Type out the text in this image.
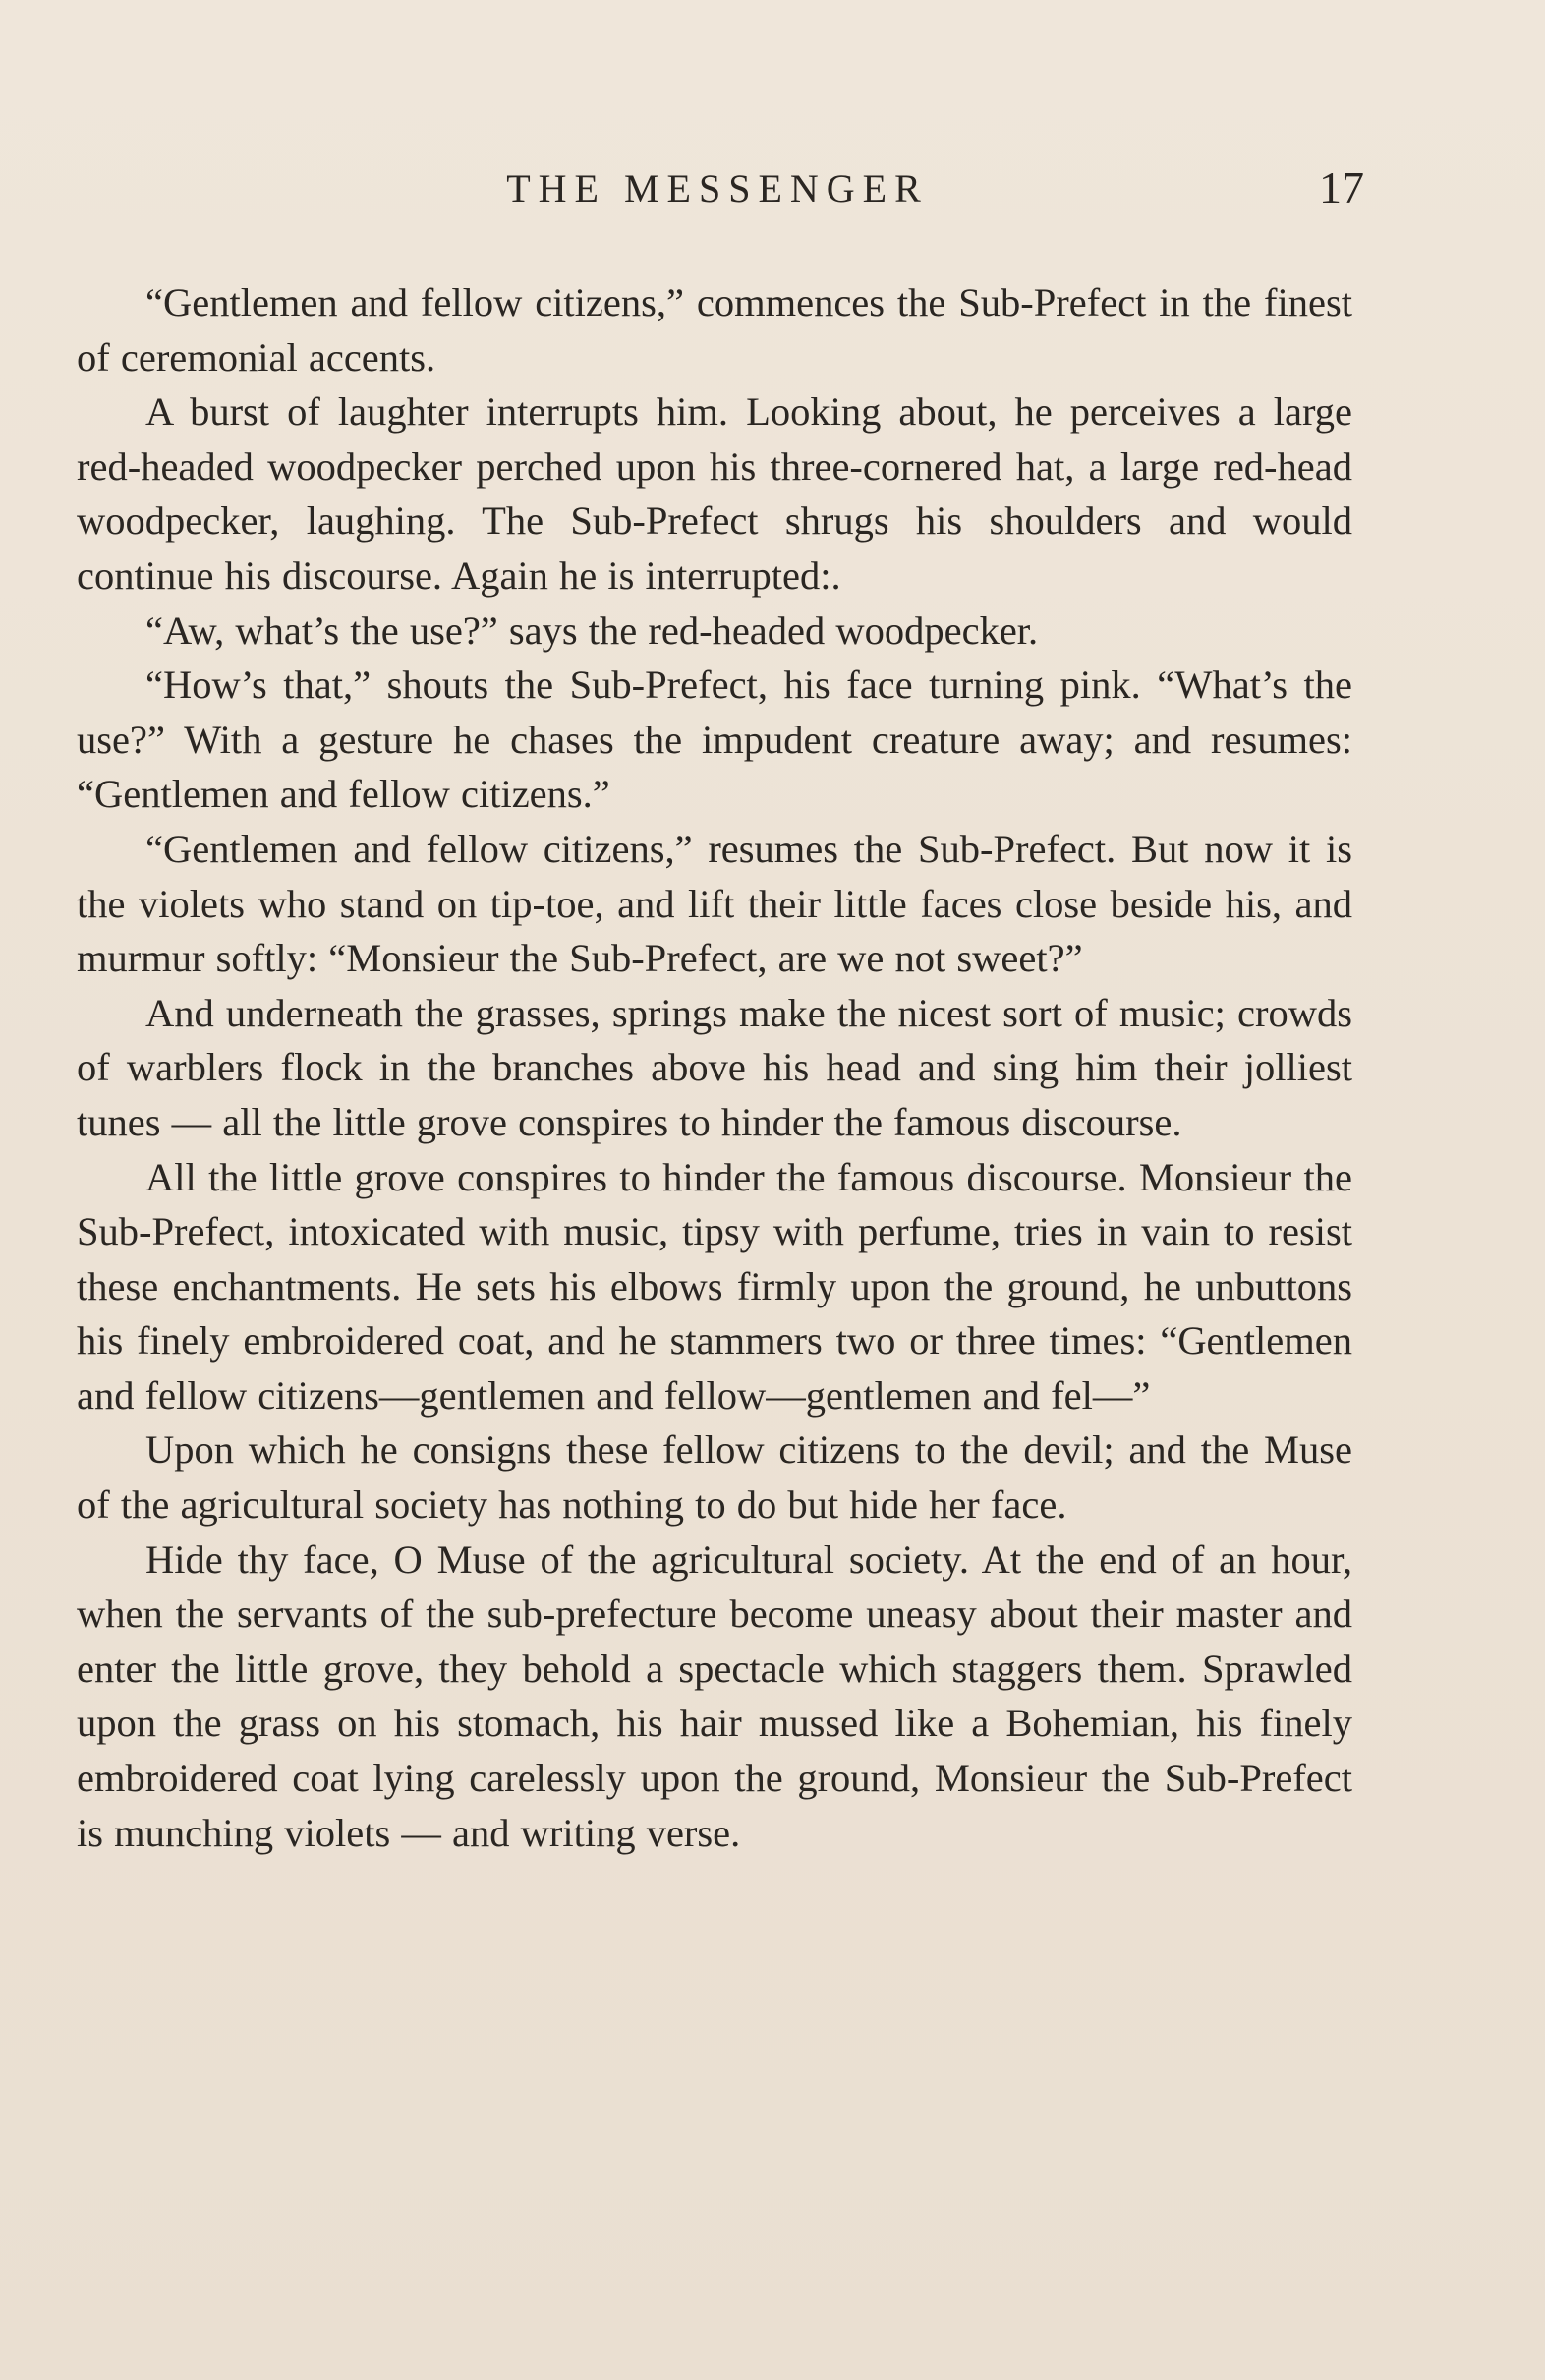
THE MESSENGER	17

“Gentlemen and fellow citizens,” commences the Sub-Prefect in the finest of ceremonial accents.

A burst of laughter interrupts him. Looking about, he perceives a large red-headed woodpecker perched upon his three-cornered hat, a large red-head woodpecker, laughing. The Sub-Prefect shrugs his shoulders and would continue his discourse. Again he is interrupted:.

“Aw, what’s the use?” says the red-headed woodpecker.

“How’s that,” shouts the Sub-Prefect, his face turning pink. “What’s the use?” With a gesture he chases the impudent creature away; and resumes: “Gentlemen and fellow citizens.”

“Gentlemen and fellow citizens,” resumes the Sub-Prefect. But now it is the violets who stand on tip-toe, and lift their little faces close beside his, and murmur softly: “Monsieur the Sub-Prefect, are we not sweet?”

And underneath the grasses, springs make the nicest sort of music; crowds of warblers flock in the branches above his head and sing him their jolliest tunes — all the little grove conspires to hinder the famous discourse.

All the little grove conspires to hinder the famous discourse. Monsieur the Sub-Prefect, intoxicated with music, tipsy with perfume, tries in vain to resist these enchantments. He sets his elbows firmly upon the ground, he unbuttons his finely embroidered coat, and he stammers two or three times: “Gentlemen and fellow citizens—gentlemen and fellow—gentlemen and fel—”

Upon which he consigns these fellow citizens to the devil; and the Muse of the agricultural society has nothing to do but hide her face.

Hide thy face, O Muse of the agricultural society. At the end of an hour, when the servants of the sub-prefecture become uneasy about their master and enter the little grove, they behold a spectacle which staggers them. Sprawled upon the grass on his stomach, his hair mussed like a Bohemian, his finely embroidered coat lying carelessly upon the ground, Monsieur the Sub-Prefect is munching violets — and writing verse.
